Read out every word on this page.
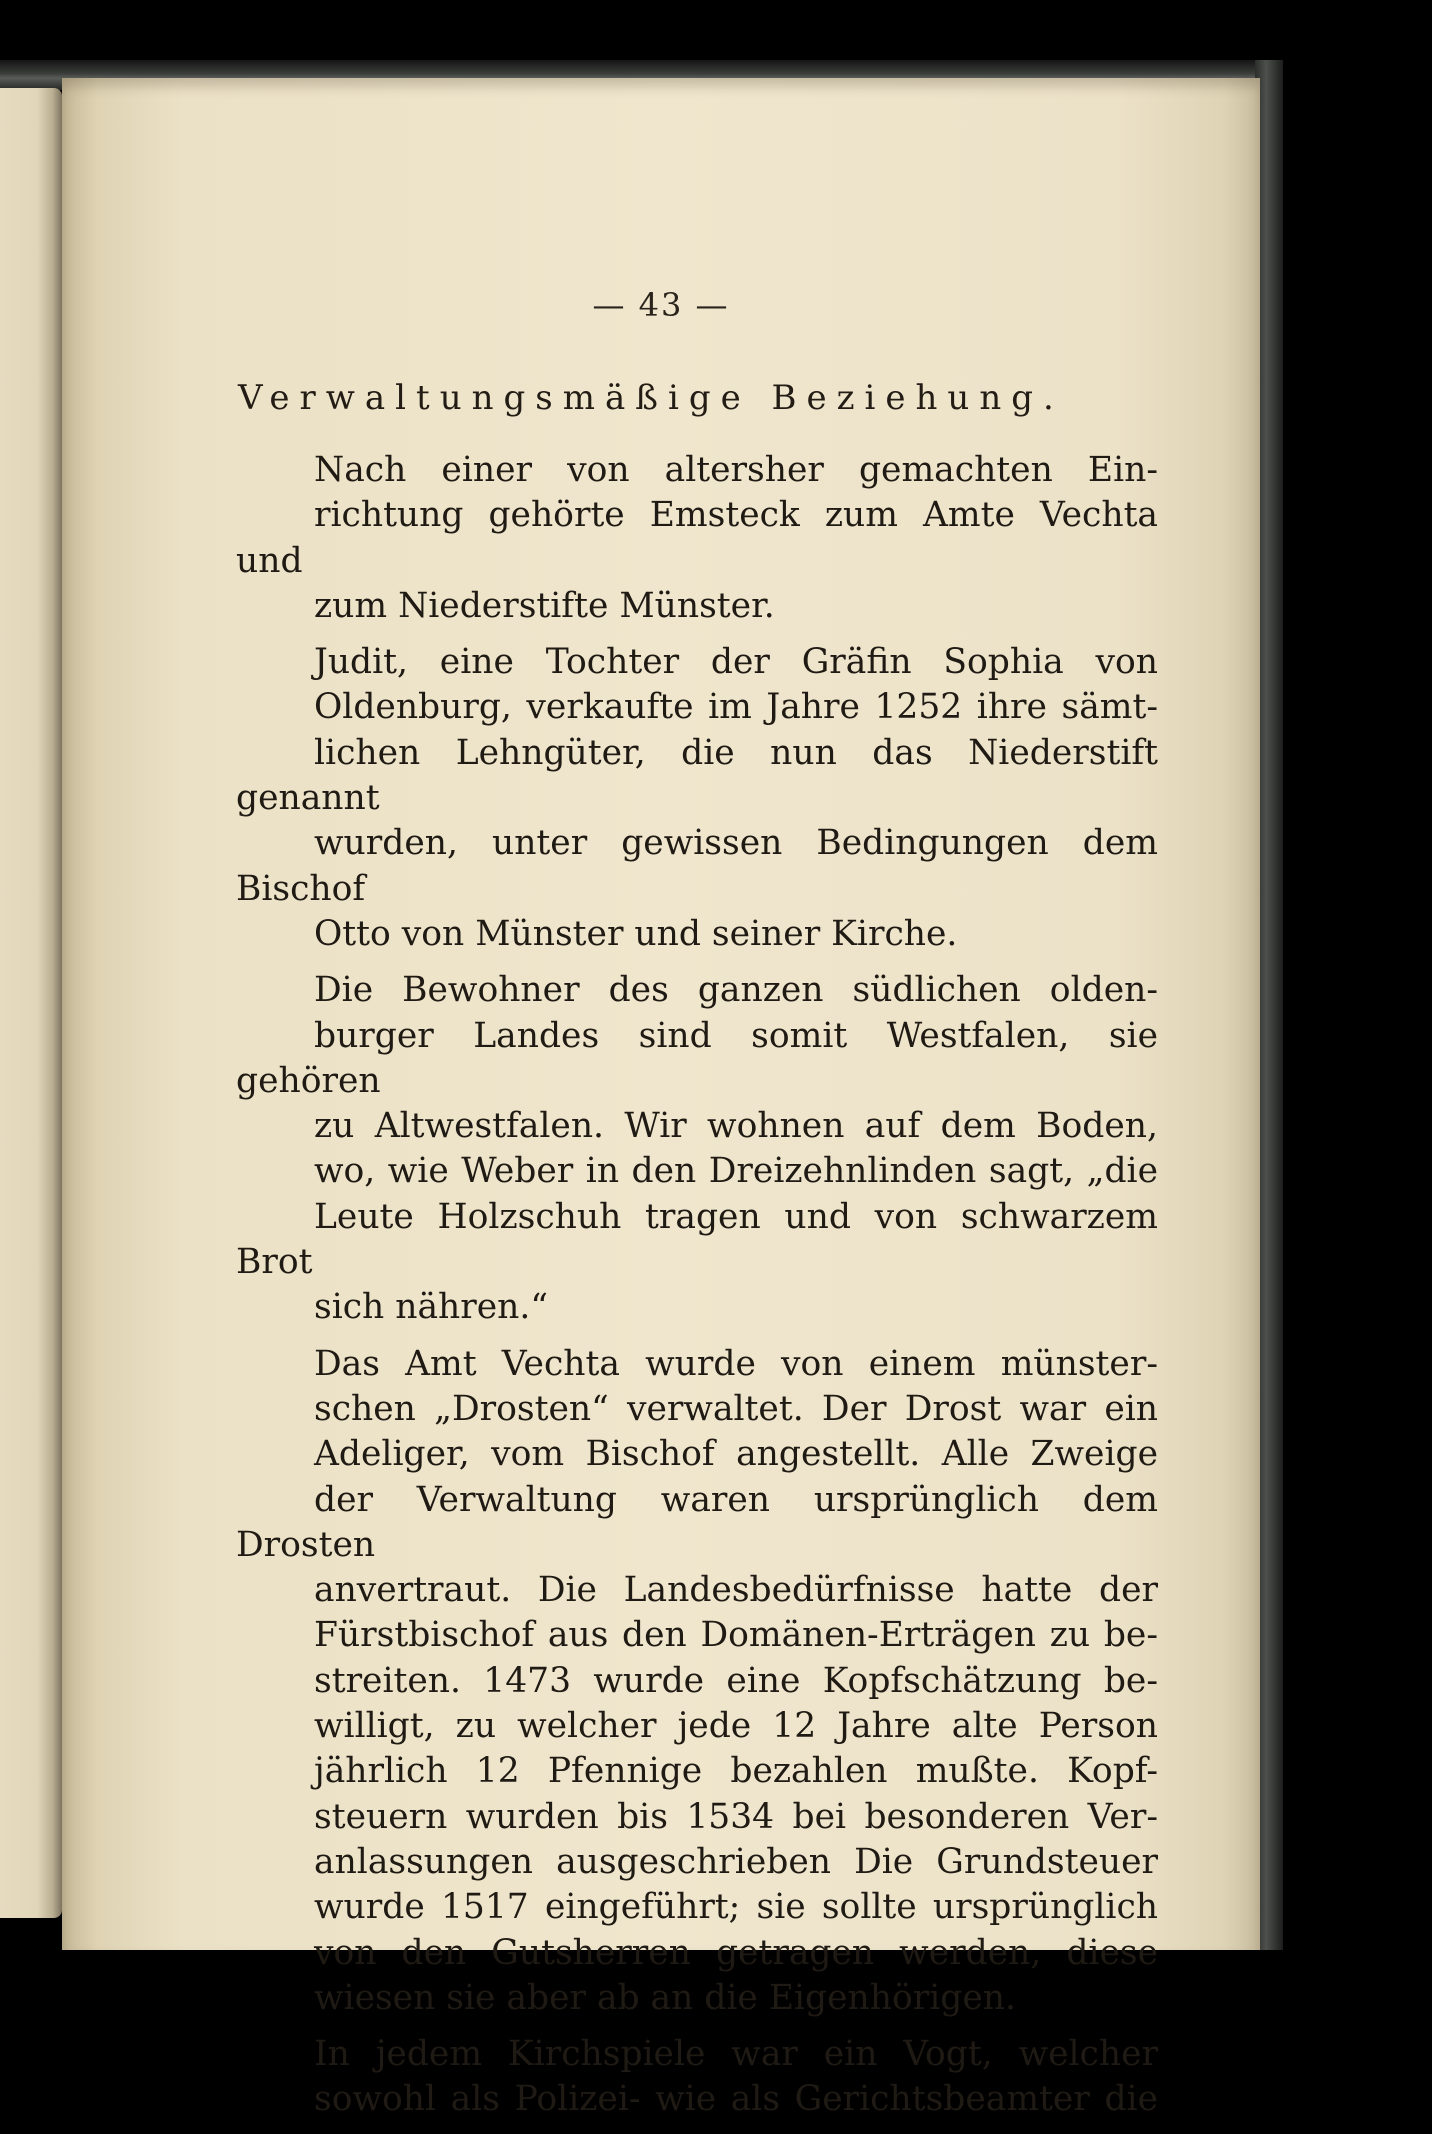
— 43 —
Verwaltungsmäßige Beziehung.

Nach einer von altersher gemachten Ein-
richtung gehörte Emsteck zum Amte Vechta und
zum Niederstifte Münster.

Judit, eine Tochter der Gräfin Sophia von
Oldenburg, verkaufte im Jahre 1252 ihre sämt-
lichen Lehngüter, die nun das Niederstift genannt
wurden, unter gewissen Bedingungen dem Bischof
Otto von Münster und seiner Kirche.

Die Bewohner des ganzen südlichen olden-
burger Landes sind somit Westfalen, sie gehören
zu Altwestfalen. Wir wohnen auf dem Boden,
wo, wie Weber in den Dreizehnlinden sagt, „die
Leute Holzschuh tragen und von schwarzem Brot
sich nähren.“

Das Amt Vechta wurde von einem münster-
schen „Drosten“ verwaltet. Der Drost war ein
Adeliger, vom Bischof angestellt. Alle Zweige
der Verwaltung waren ursprünglich dem Drosten
anvertraut. Die Landesbedürfnisse hatte der
Fürstbischof aus den Domänen-Erträgen zu be-
streiten. 1473 wurde eine Kopfschätzung be-
willigt, zu welcher jede 12 Jahre alte Person
jährlich 12 Pfennige bezahlen mußte. Kopf-
steuern wurden bis 1534 bei besonderen Ver-
anlassungen ausgeschrieben Die Grundsteuer
wurde 1517 eingeführt; sie sollte ursprünglich
von den Gutsherren getragen werden, diese
wiesen sie aber ab an die Eigenhörigen.

In jedem Kirchspiele war ein Vogt, welcher
sowohl als Polizei- wie als Gerichtsbeamter die
